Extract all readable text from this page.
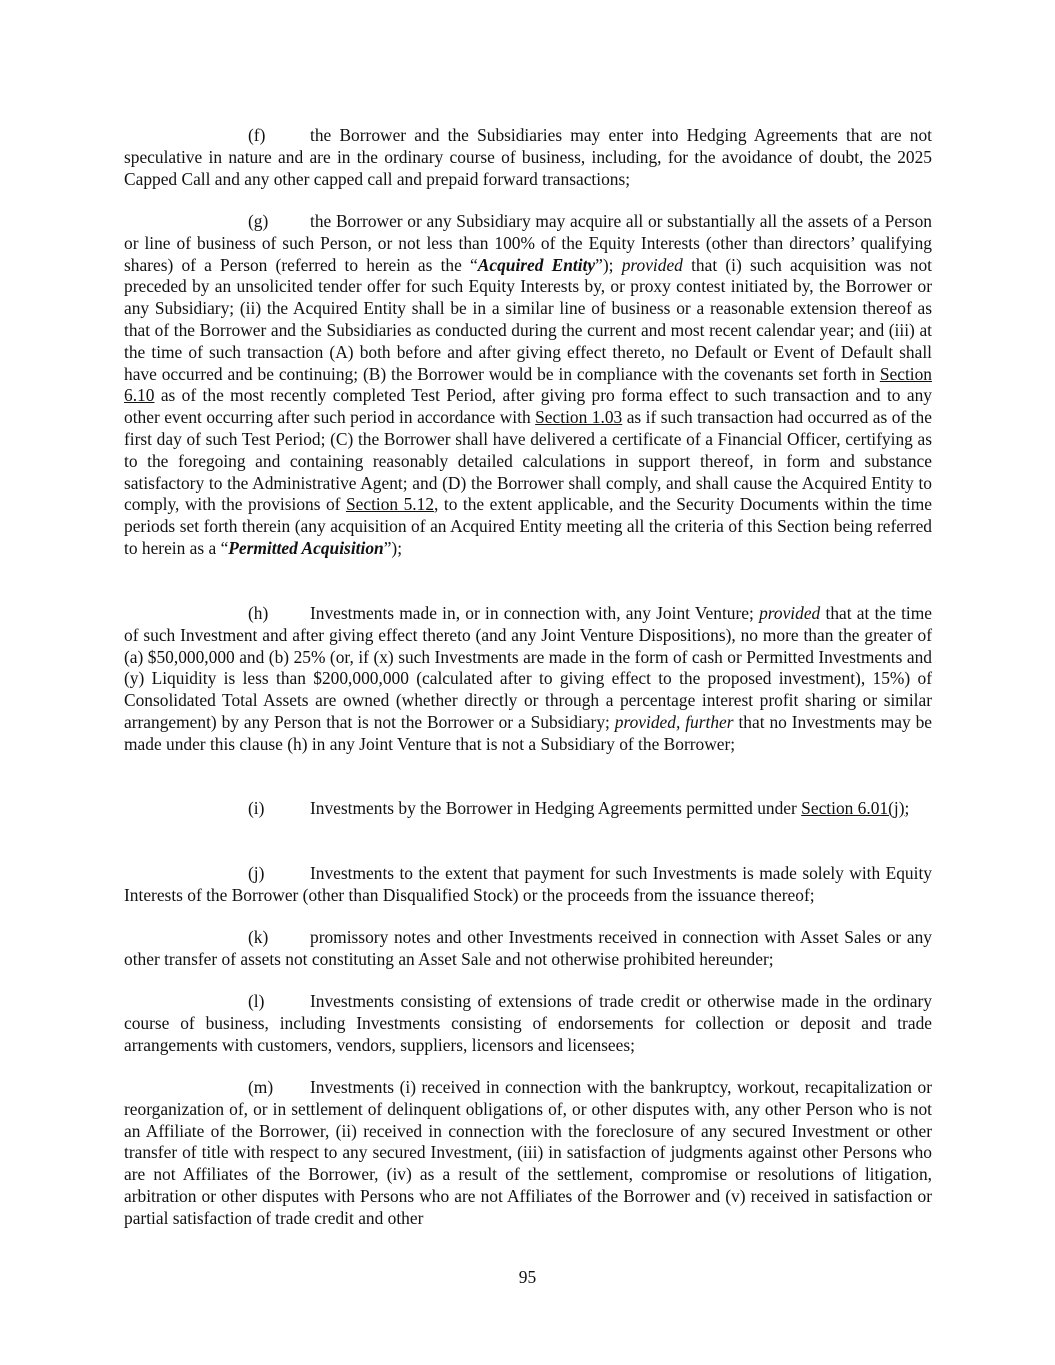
(f)	the Borrower and the Subsidiaries may enter into Hedging Agreements that are not speculative in nature and are in the ordinary course of business, including, for the avoidance of doubt, the 2025 Capped Call and any other capped call and prepaid forward transactions;

(g) the Borrower or any Subsidiary may acquire all or substantially all the assets of a Person or line of business of such Person, or not less than 100% of the Equity Interests (other than directors’ qualifying shares) of a Person (referred to herein as the “Acquired Entity”); provided that (i) such acquisition was not preceded by an unsolicited tender offer for such Equity Interests by, or proxy contest initiated by, the Borrower or any Subsidiary; (ii) the Acquired Entity shall be in a similar line of business or a reasonable extension thereof as that of the Borrower and the Subsidiaries as conducted during the current and most recent calendar year; and (iii) at the time of such transaction (A) both before and after giving effect thereto, no Default or Event of Default shall have occurred and be continuing; (B) the Borrower would be in compliance with the covenants set forth in Section 6.10 as of the most recently completed Test Period, after giving pro forma effect to such transaction and to any other event occurring after such period in accordance with Section 1.03 as if such transaction had occurred as of the first day of such Test Period; (C) the Borrower shall have delivered a certificate of a Financial Officer, certifying as to the foregoing and containing reasonably detailed calculations in support thereof, in form and substance satisfactory to the Administrative Agent; and (D) the Borrower shall comply, and shall cause the Acquired Entity to comply, with the provisions of Section 5.12, to the extent applicable, and the Security Documents within the time periods set forth therein (any acquisition of an Acquired Entity meeting all the criteria of this Section being referred to herein as a “Permitted Acquisition”);

(h) Investments made in, or in connection with, any Joint Venture; provided that at the time of such Investment and after giving effect thereto (and any Joint Venture Dispositions), no more than the greater of (a) $50,000,000 and (b) 25% (or, if (x) such Investments are made in the form of cash or Permitted Investments and (y) Liquidity is less than $200,000,000 (calculated after to giving effect to the proposed investment), 15%) of Consolidated Total Assets are owned (whether directly or through a percentage interest profit sharing or similar arrangement) by any Person that is not the Borrower or a Subsidiary; provided, further that no Investments may be made under this clause (h) in any Joint Venture that is not a Subsidiary of the Borrower;

(i)	Investments by the Borrower in Hedging Agreements permitted under Section 6.01(j);

(j)	Investments to the extent that payment for such Investments is made solely with Equity Interests of the Borrower (other than Disqualified Stock) or the proceeds from the issuance thereof;

(k) promissory notes and other Investments received in connection with Asset Sales or any other transfer of assets not constituting an Asset Sale and not otherwise prohibited hereunder;

(l)	Investments consisting of extensions of trade credit or otherwise made in the ordinary course of business, including Investments consisting of endorsements for collection or deposit and trade arrangements with customers, vendors, suppliers, licensors and licensees;

(m) Investments (i) received in connection with the bankruptcy, workout, recapitalization or reorganization of, or in settlement of delinquent obligations of, or other disputes with, any other Person who is not an Affiliate of the Borrower, (ii) received in connection with the foreclosure of any secured Investment or other transfer of title with respect to any secured Investment, (iii) in satisfaction of judgments against other Persons who are not Affiliates of the Borrower, (iv) as a result of the settlement, compromise or resolutions of litigation, arbitration or other disputes with Persons who are not Affiliates of the Borrower and (v) received in satisfaction or partial satisfaction of trade credit and other

95
